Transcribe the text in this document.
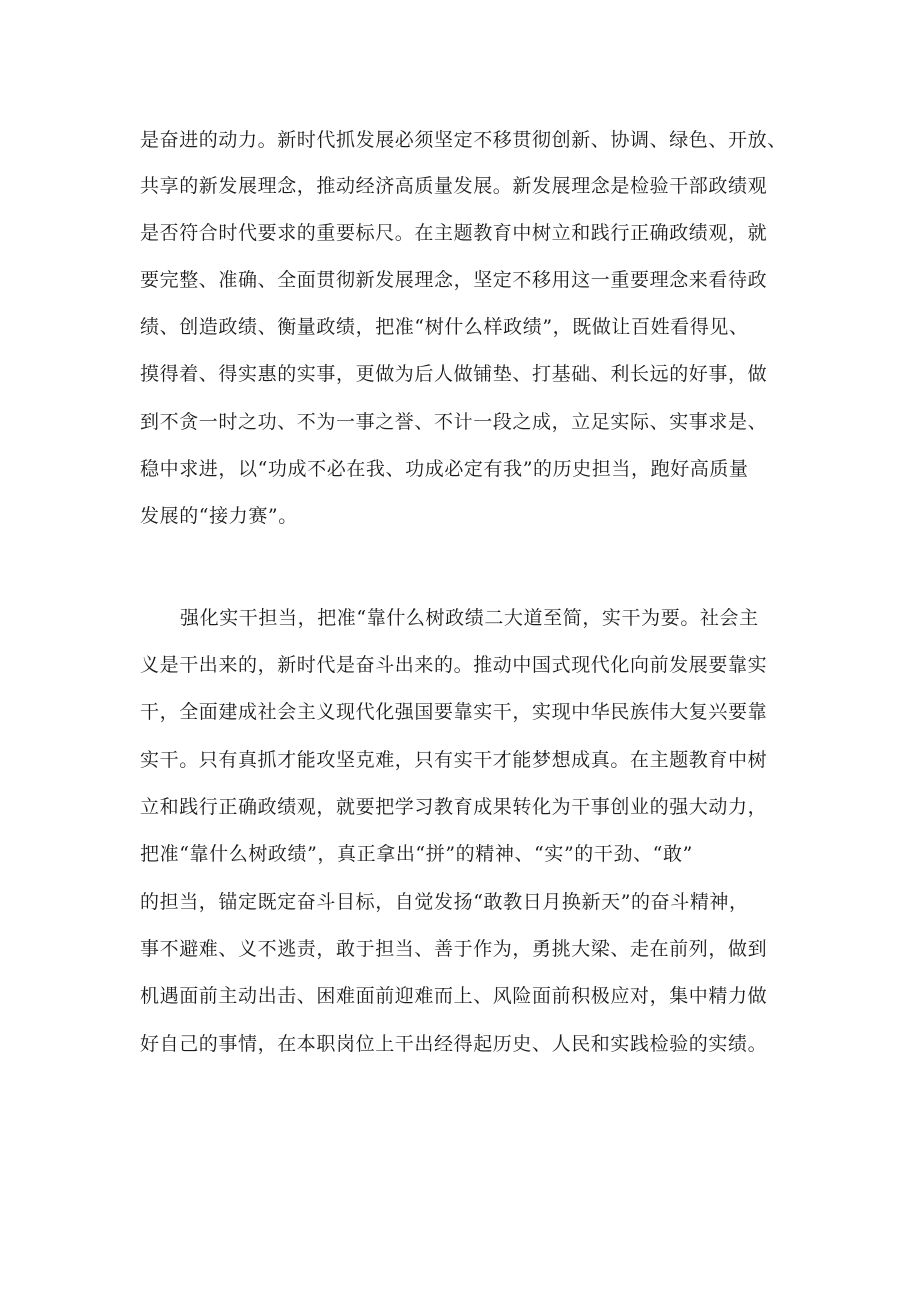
是奋进的动力。新时代抓发展必须坚定不移贯彻创新、协调、绿色、开放、

共享的新发展理念，推动经济高质量发展。新发展理念是检验干部政绩观

是否符合时代要求的重要标尺。在主题教育中树立和践行正确政绩观，就

要完整、准确、全面贯彻新发展理念，坚定不移用这一重要理念来看待政

绩、创造政绩、衡量政绩，把准“树什么样政绩”，既做让百姓看得见、

摸得着、得实惠的实事，更做为后人做铺垫、打基础、利长远的好事，做

到不贪一时之功、不为一事之誉、不计一段之成，立足实际、实事求是、

稳中求进，以“功成不必在我、功成必定有我”的历史担当，跑好高质量

发展的“接力赛”。

强化实干担当，把准“靠什么树政绩二大道至简，实干为要。社会主

义是干出来的，新时代是奋斗出来的。推动中国式现代化向前发展要靠实

干，全面建成社会主义现代化强国要靠实干，实现中华民族伟大复兴要靠

实干。只有真抓才能攻坚克难，只有实干才能梦想成真。在主题教育中树

立和践行正确政绩观，就要把学习教育成果转化为干事创业的强大动力，

把准“靠什么树政绩”，真正拿出“拼”的精神、“实”的干劲、“敢”

的担当，锚定既定奋斗目标，自觉发扬“敢教日月换新天”的奋斗精神，

事不避难、义不逃责，敢于担当、善于作为，勇挑大梁、走在前列，做到

机遇面前主动出击、困难面前迎难而上、风险面前积极应对，集中精力做

好自己的事情，在本职岗位上干出经得起历史、人民和实践检验的实绩。
